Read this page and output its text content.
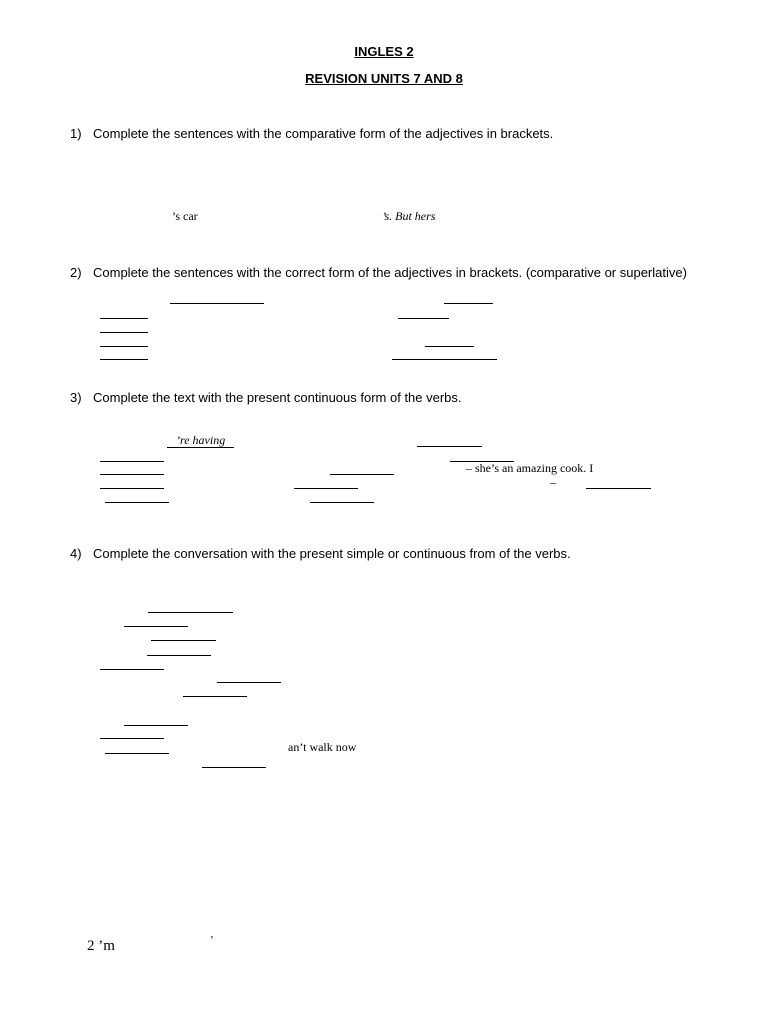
INGLES 2
REVISION UNITS 7 AND 8
1) Complete the sentences with the comparative form of the adjectives in brackets.
’s car	’s. But hers
2) Complete the sentences with the correct form of the adjectives in brackets. (comparative or superlative)
3) Complete the text with the present continuous form of the verbs.
’re having
– she’s an amazing cook. I
–
4) Complete the conversation with the present simple or continuous from of the verbs.
an’t walk now
2 ’m	’
